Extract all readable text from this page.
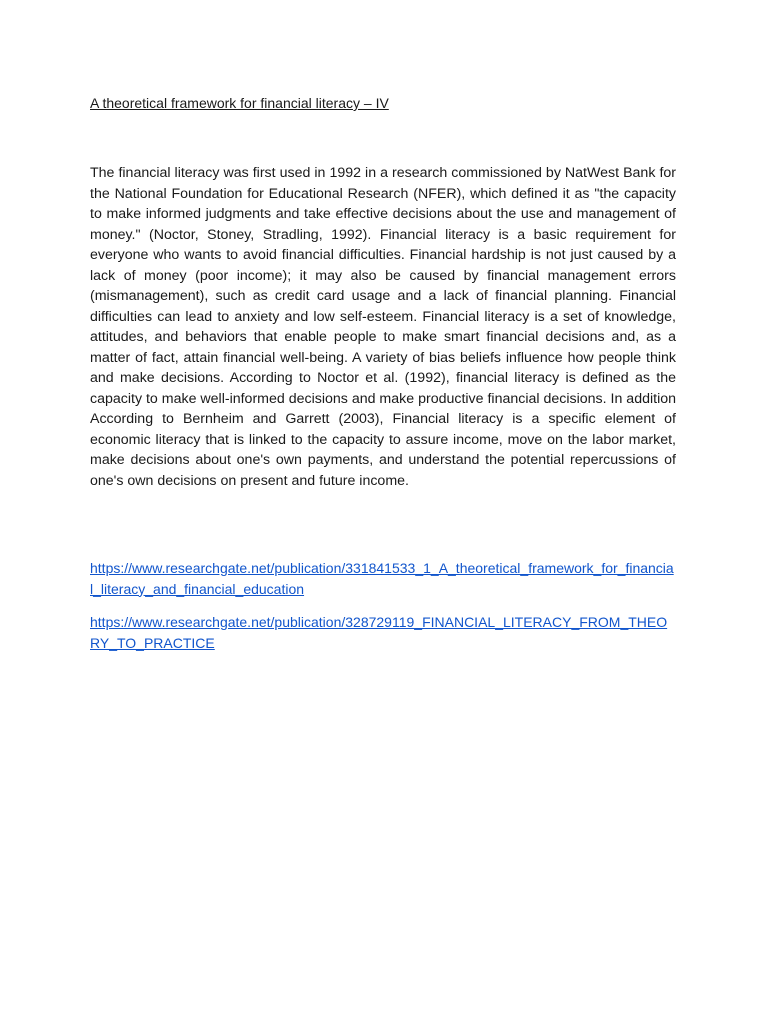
A theoretical framework for financial literacy – IV

The financial literacy was first used in 1992 in a research commissioned by NatWest Bank for the National Foundation for Educational Research (NFER), which defined it as "the capacity to make informed judgments and take effective decisions about the use and management of money." (Noctor, Stoney, Stradling, 1992). Financial literacy is a basic requirement for everyone who wants to avoid financial difficulties. Financial hardship is not just caused by a lack of money (poor income); it may also be caused by financial management errors (mismanagement), such as credit card usage and a lack of financial planning. Financial difficulties can lead to anxiety and low self-esteem. Financial literacy is a set of knowledge, attitudes, and behaviors that enable people to make smart financial decisions and, as a matter of fact, attain financial well-being. A variety of bias beliefs influence how people think and make decisions. According to Noctor et al. (1992), financial literacy is defined as the capacity to make well-informed decisions and make productive financial decisions. In addition According to Bernheim and Garrett (2003), Financial literacy is a specific element of economic literacy that is linked to the capacity to assure income, move on the labor market, make decisions about one's own payments, and understand the potential repercussions of one's own decisions on present and future income.

https://www.researchgate.net/publication/331841533_1_A_theoretical_framework_for_financial_literacy_and_financial_education
https://www.researchgate.net/publication/328729119_FINANCIAL_LITERACY_FROM_THEORY_TO_PRACTICE
